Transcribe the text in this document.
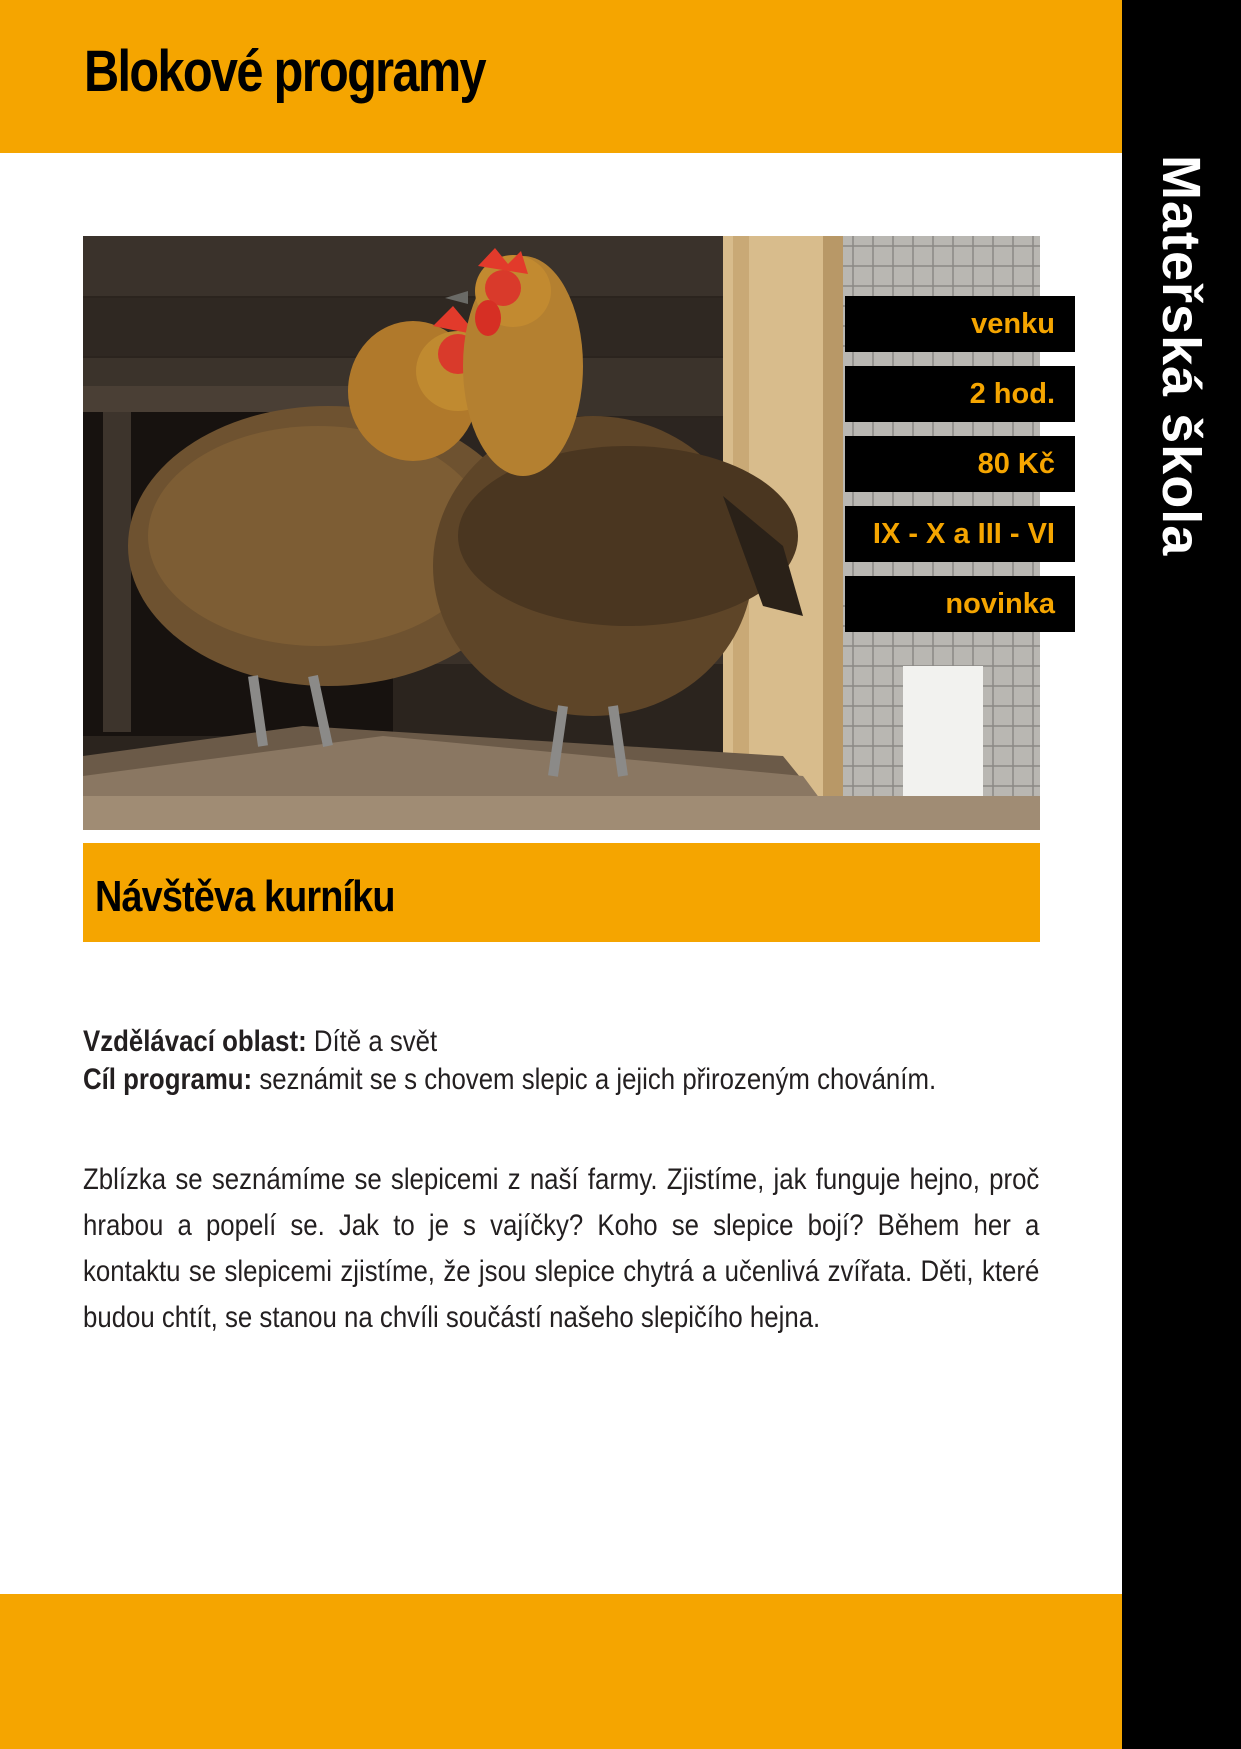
Blokové programy
Mateřská škola
venku
2 hod.
80 Kč
IX - X a III - VI
novinka
Návštěva kurníku
Vzdělávací oblast: Dítě a svět
Cíl programu: seznámit se s chovem slepic a jejich přirozeným chováním.
Zblízka se seznámíme se slepicemi z naší farmy. Zjistíme, jak funguje hejno, proč hrabou a popelí se. Jak to je s vajíčky? Koho se slepice bojí? Během her a kontaktu se slepicemi zjistíme, že jsou slepice chytrá a učenlivá zvířata. Děti, které budou chtít, se stanou na chvíli součástí našeho slepičího hejna.
